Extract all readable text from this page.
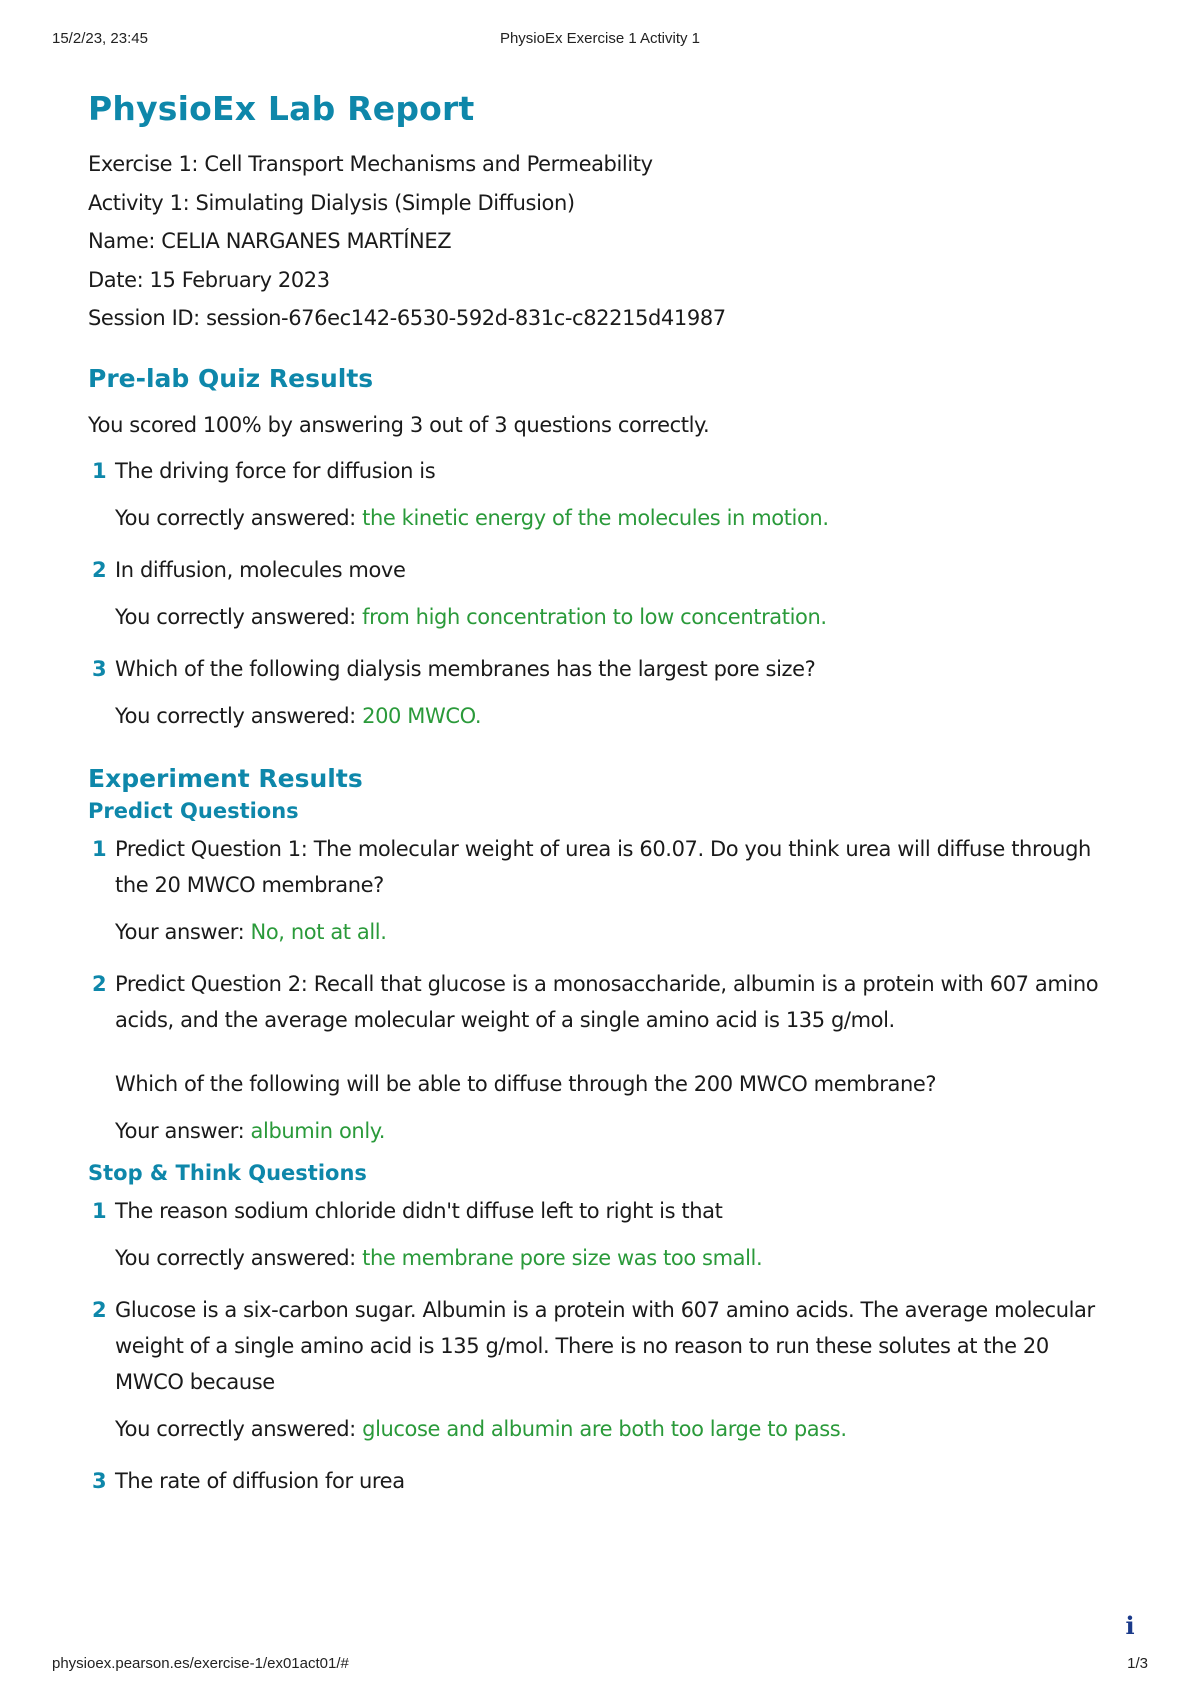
15/2/23, 23:45	PhysioEx Exercise 1 Activity 1
PhysioEx Lab Report
Exercise 1: Cell Transport Mechanisms and Permeability
Activity 1: Simulating Dialysis (Simple Diffusion)
Name: CELIA NARGANES MARTÍNEZ
Date: 15 February 2023
Session ID: session-676ec142-6530-592d-831c-c82215d41987
Pre-lab Quiz Results

You scored 100% by answering 3 out of 3 questions correctly.

1 The driving force for diffusion is
You correctly answered: the kinetic energy of the molecules in motion.
2 In diffusion, molecules move
You correctly answered: from high concentration to low concentration.
3 Which of the following dialysis membranes has the largest pore size?
You correctly answered: 200 MWCO.
Experiment Results
Predict Questions
1 Predict Question 1: The molecular weight of urea is 60.07. Do you think urea will diffuse through
the 20 MWCO membrane?
Your answer: No, not at all.
2 Predict Question 2: Recall that glucose is a monosaccharide, albumin is a protein with 607 amino
acids, and the average molecular weight of a single amino acid is 135 g/mol.
Which of the following will be able to diffuse through the 200 MWCO membrane?
Your answer: albumin only.
Stop & Think Questions
1 The reason sodium chloride didn't diffuse left to right is that
You correctly answered: the membrane pore size was too small.
2 Glucose is a six-carbon sugar. Albumin is a protein with 607 amino acids. The average molecular
weight of a single amino acid is 135 g/mol. There is no reason to run these solutes at the 20
MWCO because
You correctly answered: glucose and albumin are both too large to pass.
3 The rate of diffusion for urea
i
physioex.pearson.es/exercise-1/ex01act01/#	1/3
